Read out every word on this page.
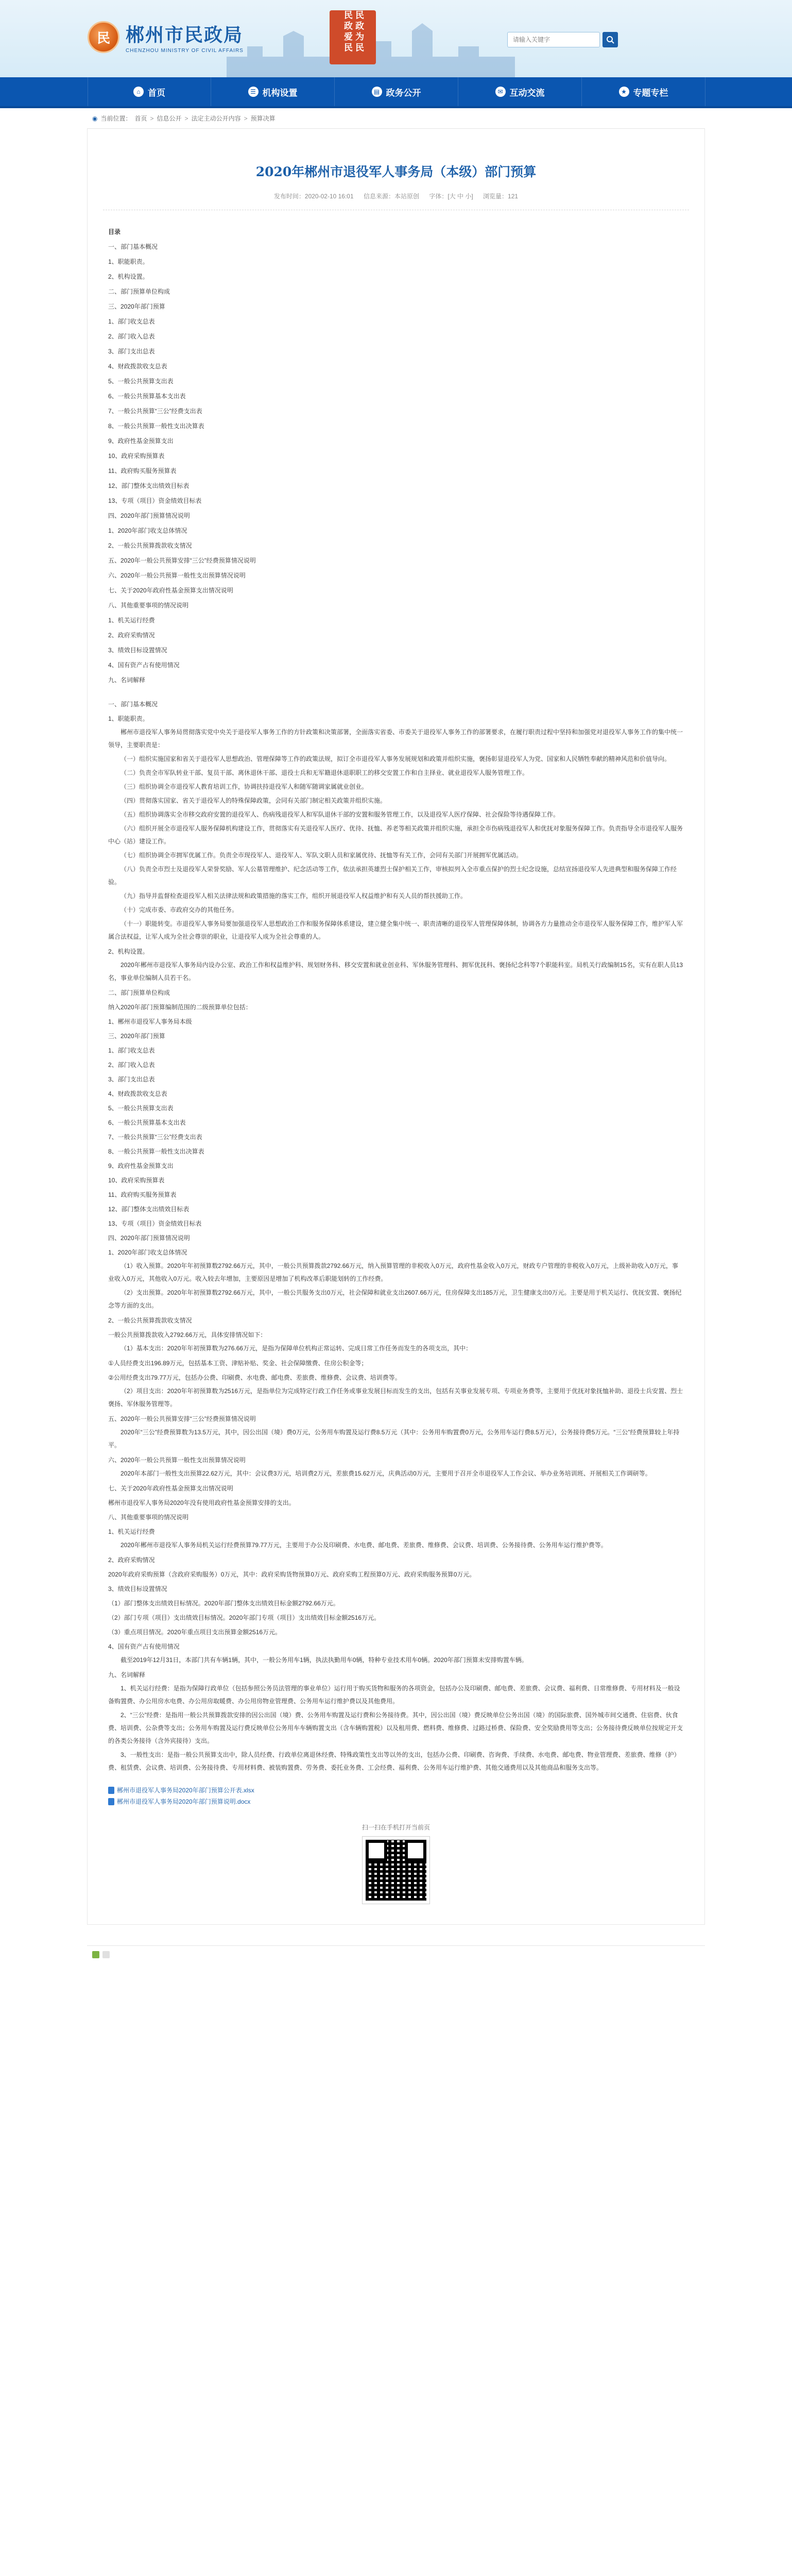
民 郴州市民政局
CHENZHOU MINISTRY OF CIVIL AFFAIRS	民政为民 民政爱民
请输入关键字
⌂ 首页	☰ 机构设置	▤ 政务公开	✉ 互动交流	★ 专题专栏
◉ 当前位置： 首页 > 信息公开 > 法定主动公开内容 > 预算决算
2020年郴州市退役军人事务局（本级）部门预算
发布时间：2020-02-10 16:01 信息来源：本站原创 字体：[大 中 小] 浏览量：121
目录
一、部门基本概况
1、职能职责。
2、机构设置。
二、部门预算单位构成
三、2020年部门预算
1、部门收支总表
2、部门收入总表
3、部门支出总表
4、财政拨款收支总表
5、一般公共预算支出表
6、一般公共预算基本支出表
7、一般公共预算“三公”经费支出表
8、一般公共预算一般性支出决算表
9、政府性基金预算支出
10、政府采购预算表
11、政府购买服务预算表
12、部门整体支出绩效目标表
13、专项（项目）资金绩效目标表
四、2020年部门预算情况说明
1、2020年部门收支总体情况
2、一般公共预算拨款收支情况
五、2020年一般公共预算安排“三公”经费预算情况说明
六、2020年一般公共预算一般性支出预算情况说明
七、关于2020年政府性基金预算支出情况说明
八、其他重要事项的情况说明
1、机关运行经费
2、政府采购情况
3、绩效目标设置情况
4、国有资产占有使用情况
九、名词解释
一、部门基本概况
1、职能职责。
郴州市退役军人事务局贯彻落实党中央关于退役军人事务工作的方针政策和决策部署，全面落实省委、市委关于退役军人事务工作的部署要求，在履行职责过程中坚持和加强党对退役军人事务工作的集中统一领导，主要职责是：
（一）组织实施国家和省关于退役军人思想政治、管理保障等工作的政策法规，拟订全市退役军人事务发展规划和政策并组织实施，褒扬彰显退役军人为党、国家和人民牺牲奉献的精神风范和价值导向。
（二）负责全市军队转业干部、复员干部、离休退休干部、退役士兵和无军籍退休退职职工的移交安置工作和自主择业、就业退役军人服务管理工作。
（三）组织协调全市退役军人教育培训工作，协调扶持退役军人和随军随调家属就业创业。
（四）贯彻落实国家、省关于退役军人的特殊保障政策，会同有关部门制定相关政策并组织实施。
（五）组织协调落实全市移交政府安置的退役军人、伤病残退役军人和军队退休干部的安置和服务管理工作，以及退役军人医疗保障、社会保险等待遇保障工作。
（六）组织开展全市退役军人服务保障机构建设工作，贯彻落实有关退役军人医疗、优待、抚恤、养老等相关政策并组织实施，承担全市伤病残退役军人和优抚对象服务保障工作。负责指导全市退役军人服务中心（站）建设工作。
（七）组织协调全市拥军优属工作。负责全市现役军人、退役军人、军队文职人员和家属优待、抚恤等有关工作，会同有关部门开展拥军优属活动。
（八）负责全市烈士及退役军人荣誉奖励、军人公墓管理维护、纪念活动等工作，依法承担英雄烈士保护相关工作，审核拟列入全市重点保护的烈士纪念设施，总结宣扬退役军人先进典型和服务保障工作经验。
（九）指导并监督检查退役军人相关法律法规和政策措施的落实工作，组织开展退役军人权益维护和有关人员的帮扶援助工作。
（十）完成市委、市政府交办的其他任务。
（十一）职能转变。市退役军人事务局要加强退役军人思想政治工作和服务保障体系建设，建立健全集中统一、职责清晰的退役军人管理保障体制，协调各方力量推动全市退役军人服务保障工作，维护军人军属合法权益，让军人成为全社会尊崇的职业，让退役军人成为全社会尊重的人。
2、机构设置。
2020年郴州市退役军人事务局内设办公室、政治工作和权益维护科、规划财务科、移交安置和就业创业科、军休服务管理科、拥军优抚科、褒扬纪念科等7个职能科室。局机关行政编制15名，实有在职人员13名，事业单位编制人员若干名。
二、部门预算单位构成
纳入2020年部门预算编制范围的二级预算单位包括：
1、郴州市退役军人事务局本级
三、2020年部门预算
1、部门收支总表
2、部门收入总表
3、部门支出总表
4、财政拨款收支总表
5、一般公共预算支出表
6、一般公共预算基本支出表
7、一般公共预算“三公”经费支出表
8、一般公共预算一般性支出决算表
9、政府性基金预算支出
10、政府采购预算表
11、政府购买服务预算表
12、部门整体支出绩效目标表
13、专项（项目）资金绩效目标表
四、2020年部门预算情况说明
1、2020年部门收支总体情况
（1）收入预算。2020年年初预算数2792.66万元，其中，一般公共预算拨款2792.66万元，纳入预算管理的非税收入0万元，政府性基金收入0万元，财政专户管理的非税收入0万元，上级补助收入0万元，事业收入0万元，其他收入0万元。收入较去年增加，主要原因是增加了机构改革后职能划转的工作经费。
（2）支出预算。2020年年初预算数2792.66万元，其中，一般公共服务支出0万元，社会保障和就业支出2607.66万元，住房保障支出185万元，卫生健康支出0万元。主要是用于机关运行、优抚安置、褒扬纪念等方面的支出。
2、一般公共预算拨款收支情况
一般公共预算拨款收入2792.66万元，具体安排情况如下：
（1）基本支出：2020年年初预算数为276.66万元，是指为保障单位机构正常运转、完成日常工作任务而发生的各项支出，其中：
①人员经费支出196.89万元，包括基本工资、津贴补贴、奖金、社会保障缴费、住房公积金等；
②公用经费支出79.77万元，包括办公费、印刷费、水电费、邮电费、差旅费、维修费、会议费、培训费等。
（2）项目支出：2020年年初预算数为2516万元，是指单位为完成特定行政工作任务或事业发展目标而发生的支出，包括有关事业发展专项、专项业务费等，主要用于优抚对象抚恤补助、退役士兵安置、烈士褒扬、军休服务管理等。
五、2020年一般公共预算安排“三公”经费预算情况说明
2020年“三公”经费预算数为13.5万元，其中，因公出国（境）费0万元，公务用车购置及运行费8.5万元（其中：公务用车购置费0万元，公务用车运行费8.5万元），公务接待费5万元。“三公”经费预算较上年持平。
六、2020年一般公共预算一般性支出预算情况说明
2020年本部门一般性支出预算22.62万元，其中：会议费3万元，培训费2万元，差旅费15.62万元，庆典活动0万元，主要用于召开全市退役军人工作会议、举办业务培训班、开展相关工作调研等。
七、关于2020年政府性基金预算支出情况说明
郴州市退役军人事务局2020年没有使用政府性基金预算安排的支出。
八、其他重要事项的情况说明
1、机关运行经费
2020年郴州市退役军人事务局机关运行经费预算79.77万元，主要用于办公及印刷费、水电费、邮电费、差旅费、维修费、会议费、培训费、公务接待费、公务用车运行维护费等。
2、政府采购情况
2020年政府采购预算（含政府采购服务）0万元，其中：政府采购货物预算0万元、政府采购工程预算0万元、政府采购服务预算0万元。
3、绩效目标设置情况
（1）部门整体支出绩效目标情况。2020年部门整体支出绩效目标金额2792.66万元。
（2）部门专项（项目）支出绩效目标情况。2020年部门专项（项目）支出绩效目标金额2516万元。
（3）重点项目情况。2020年重点项目支出预算金额2516万元。
4、国有资产占有使用情况
截至2019年12月31日，本部门共有车辆1辆，其中，一般公务用车1辆，执法执勤用车0辆，特种专业技术用车0辆。2020年部门预算未安排购置车辆。
九、名词解释
1、机关运行经费：是指为保障行政单位（包括参照公务员法管理的事业单位）运行用于购买货物和服务的各项资金，包括办公及印刷费、邮电费、差旅费、会议费、福利费、日常维修费、专用材料及一般设备购置费、办公用房水电费、办公用房取暖费、办公用房物业管理费、公务用车运行维护费以及其他费用。
2、“三公”经费：是指用一般公共预算拨款安排的因公出国（境）费、公务用车购置及运行费和公务接待费。其中，因公出国（境）费反映单位公务出国（境）的国际旅费、国外城市间交通费、住宿费、伙食费、培训费、公杂费等支出；公务用车购置及运行费反映单位公务用车车辆购置支出（含车辆购置税）以及租用费、燃料费、维修费、过路过桥费、保险费、安全奖励费用等支出；公务接待费反映单位按规定开支的各类公务接待（含外宾接待）支出。
3、一般性支出：是指一般公共预算支出中，除人员经费、行政单位离退休经费、特殊政策性支出等以外的支出，包括办公费、印刷费、咨询费、手续费、水电费、邮电费、物业管理费、差旅费、维修（护）费、租赁费、会议费、培训费、公务接待费、专用材料费、被装购置费、劳务费、委托业务费、工会经费、福利费、公务用车运行维护费、其他交通费用以及其他商品和服务支出等。
郴州市退役军人事务局2020年部门预算公开表.xlsx
郴州市退役军人事务局2020年部门预算说明.docx
扫一扫在手机打开当前页
